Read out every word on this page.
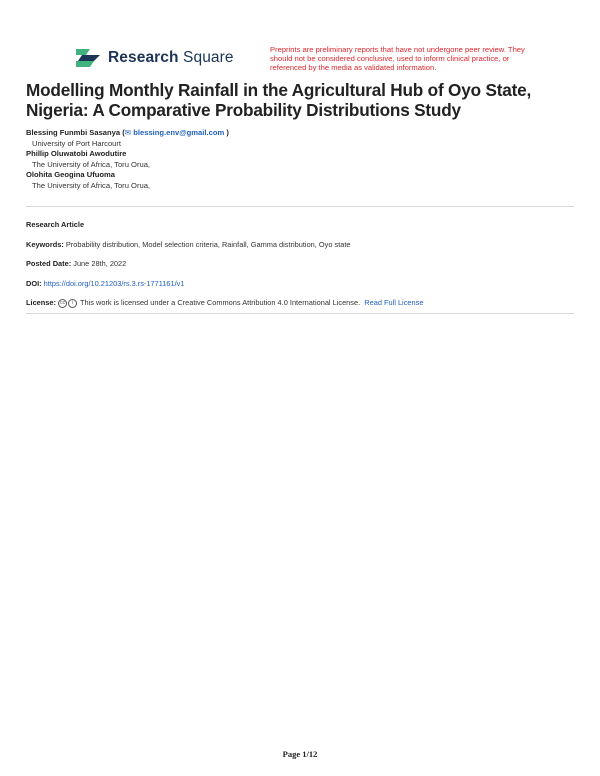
Research Square	Preprints are preliminary reports that have not undergone peer review. They should not be considered conclusive, used to inform clinical practice, or referenced by the media as validated information.
Modelling Monthly Rainfall in the Agricultural Hub of Oyo State, Nigeria: A Comparative Probability Distributions Study
Blessing Funmbi Sasanya (✉ blessing.env@gmail.com )
University of Port Harcourt
Phillip Oluwatobi Awodutire
The University of Africa, Toru Orua,
Olohita Geogina Ufuoma
The University of Africa, Toru Orua,
Research Article
Keywords: Probability distribution, Model selection criteria, Rainfall, Gamma distribution, Oyo state
Posted Date: June 28th, 2022
DOI: https://doi.org/10.21203/rs.3.rs-1771161/v1
License: cc i This work is licensed under a Creative Commons Attribution 4.0 International License. Read Full License
Page 1/12
